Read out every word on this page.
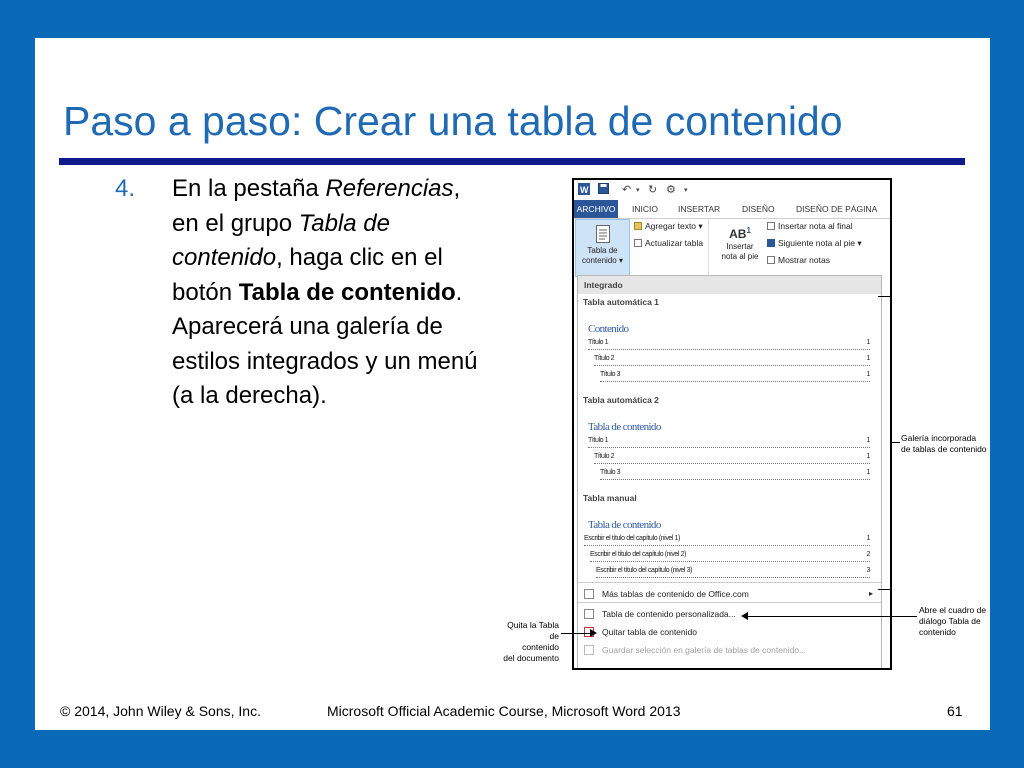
Paso a paso: Crear una tabla de contenido
4. En la pestaña Referencias, en el grupo Tabla de contenido, haga clic en el botón Tabla de contenido. Aparecerá una galería de estilos integrados y un menú (a la derecha).
W	↶ ▾ ↻ ⚙ ▾
ARCHIVO	INICIO INSERTAR	DISEÑO	DISEÑO DE PÁGINA
Tabla de
contenido ▾
Agregar texto ▾
Actualizar tabla
$AB^1$
Insertar
nota al pie
Insertar nota al final
Siguiente nota al pie ▾
Mostrar notas
Integrado
Tabla automática 1
Contenido
Título 1	1
Título 2	1
Título 3	1
Tabla automática 2
Tabla de contenido
Título 1	1
Título 2	1
Título 3	1
Tabla manual
Tabla de contenido
Escribir el título del capítulo (nivel 1)	1
Escribir el título del capítulo (nivel 2)	2
Escribir el título del capítulo (nivel 3)	3
Más tablas de contenido de Office.com	▸
Tabla de contenido personalizada...
Quitar tabla de contenido
Guardar selección en galería de tablas de contenido...
Galería incorporada
de tablas de contenido
Abre el cuadro de
diálogo Tabla de
contenido
Quita la Tabla de
contenido
del documento
© 2014, John Wiley & Sons, Inc.	Microsoft Official Academic Course, Microsoft Word 2013	61
